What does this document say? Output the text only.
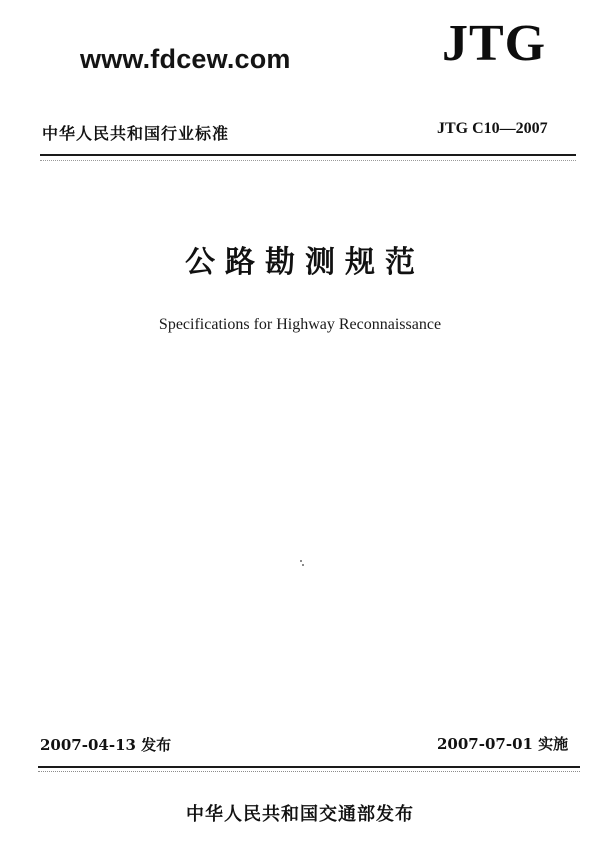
www.fdcew.com	JTG
中华人民共和国行业标准	JTG C10—2007
公路勘测规范
Specifications for Highway Reconnaissance
2007-04-13 发布	2007-07-01 实施
中华人民共和国交通部发布
